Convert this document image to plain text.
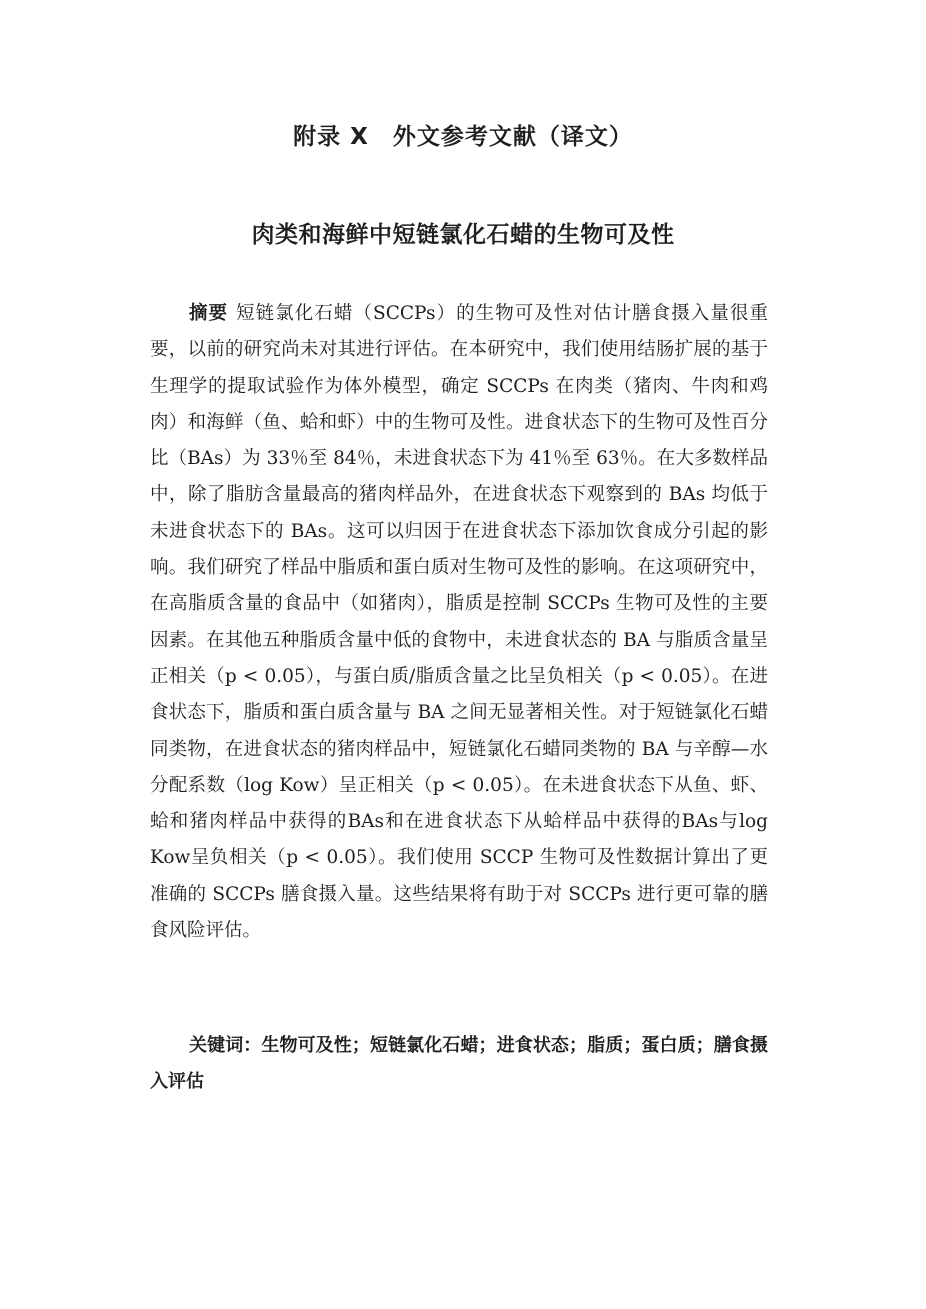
附录 X　外文参考文献（译文）
肉类和海鲜中短链氯化石蜡的生物可及性

摘要 短链氯化石蜡（SCCPs）的生物可及性对估计膳食摄入量很重要，以前的研究尚未对其进行评估。在本研究中，我们使用结肠扩展的基于生理学的提取试验作为体外模型，确定 SCCPs 在肉类（猪肉、牛肉和鸡肉）和海鲜（鱼、蛤和虾）中的生物可及性。进食状态下的生物可及性百分比（BAs）为 33％至 84％，未进食状态下为 41％至 63％。在大多数样品中，除了脂肪含量最高的猪肉样品外，在进食状态下观察到的 BAs 均低于未进食状态下的 BAs。这可以归因于在进食状态下添加饮食成分引起的影响。我们研究了样品中脂质和蛋白质对生物可及性的影响。在这项研究中，在高脂质含量的食品中（如猪肉），脂质是控制 SCCPs 生物可及性的主要因素。在其他五种脂质含量中低的食物中，未进食状态的 BA 与脂质含量呈正相关（p < 0.05），与蛋白质/脂质含量之比呈负相关（p < 0.05）。在进食状态下，脂质和蛋白质含量与 BA 之间无显著相关性。对于短链氯化石蜡同类物，在进食状态的猪肉样品中，短链氯化石蜡同类物的 BA 与辛醇—水分配系数（log Kow）呈正相关（p < 0.05）。在未进食状态下从鱼、虾、蛤和猪肉样品中获得的BAs和在进食状态下从蛤样品中获得的BAs与log Kow呈负相关（p < 0.05）。我们使用 SCCP 生物可及性数据计算出了更准确的 SCCPs 膳食摄入量。这些结果将有助于对 SCCPs 进行更可靠的膳食风险评估。

关键词：生物可及性；短链氯化石蜡；进食状态；脂质；蛋白质；膳食摄入评估
